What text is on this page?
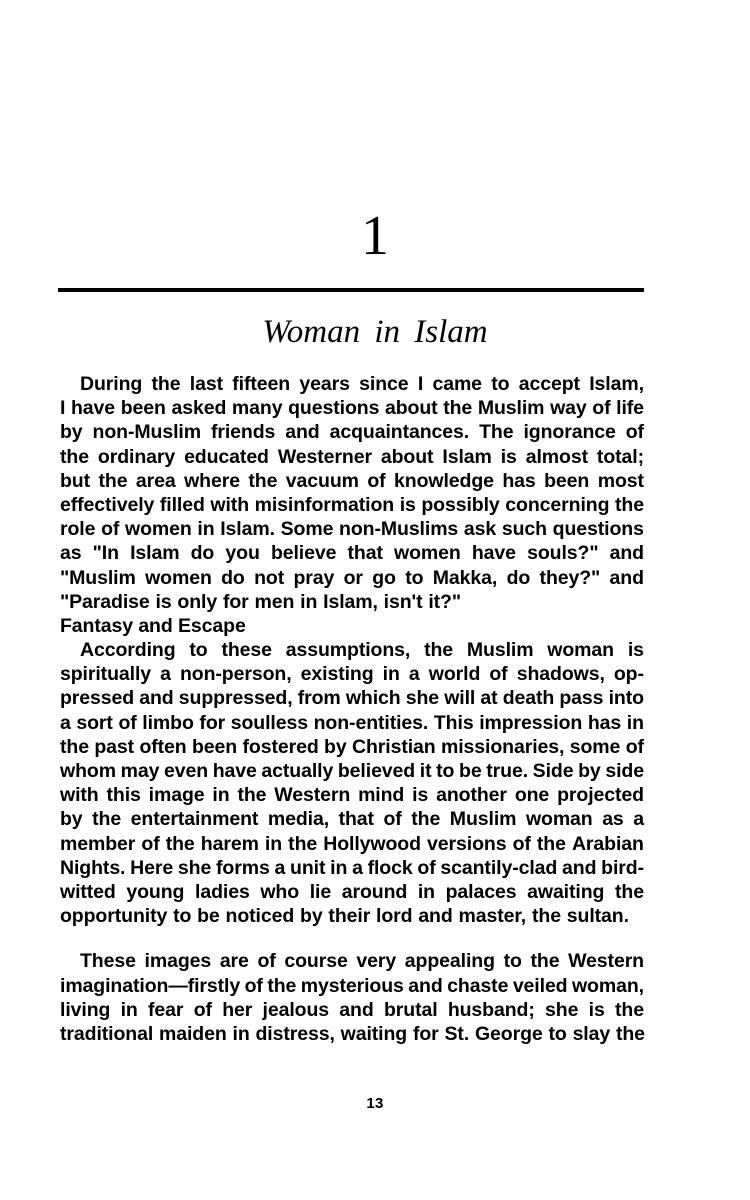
1
Woman in Islam
During the last fifteen years since I came to accept Islam,
I have been asked many questions about the Muslim way of life
by non-Muslim friends and acquaintances. The ignorance of
the ordinary educated Westerner about Islam is almost total;
but the area where the vacuum of knowledge has been most
effectively filled with misinformation is possibly concerning the
role of women in Islam. Some non-Muslims ask such questions
as "In Islam do you believe that women have souls?" and
"Muslim women do not pray or go to Makka, do they?" and
"Paradise is only for men in Islam, isn't it?"
Fantasy and Escape
According to these assumptions, the Muslim woman is
spiritually a non-person, existing in a world of shadows, op-
pressed and suppressed, from which she will at death pass into
a sort of limbo for soulless non-entities. This impression has in
the past often been fostered by Christian missionaries, some of
whom may even have actually believed it to be true. Side by side
with this image in the Western mind is another one projected
by the entertainment media, that of the Muslim woman as a
member of the harem in the Hollywood versions of the Arabian
Nights. Here she forms a unit in a flock of scantily-clad and bird-
witted young ladies who lie around in palaces awaiting the
opportunity to be noticed by their lord and master, the sultan.
These images are of course very appealing to the Western
imagination—firstly of the mysterious and chaste veiled woman,
living in fear of her jealous and brutal husband; she is the
traditional maiden in distress, waiting for St. George to slay the
13
